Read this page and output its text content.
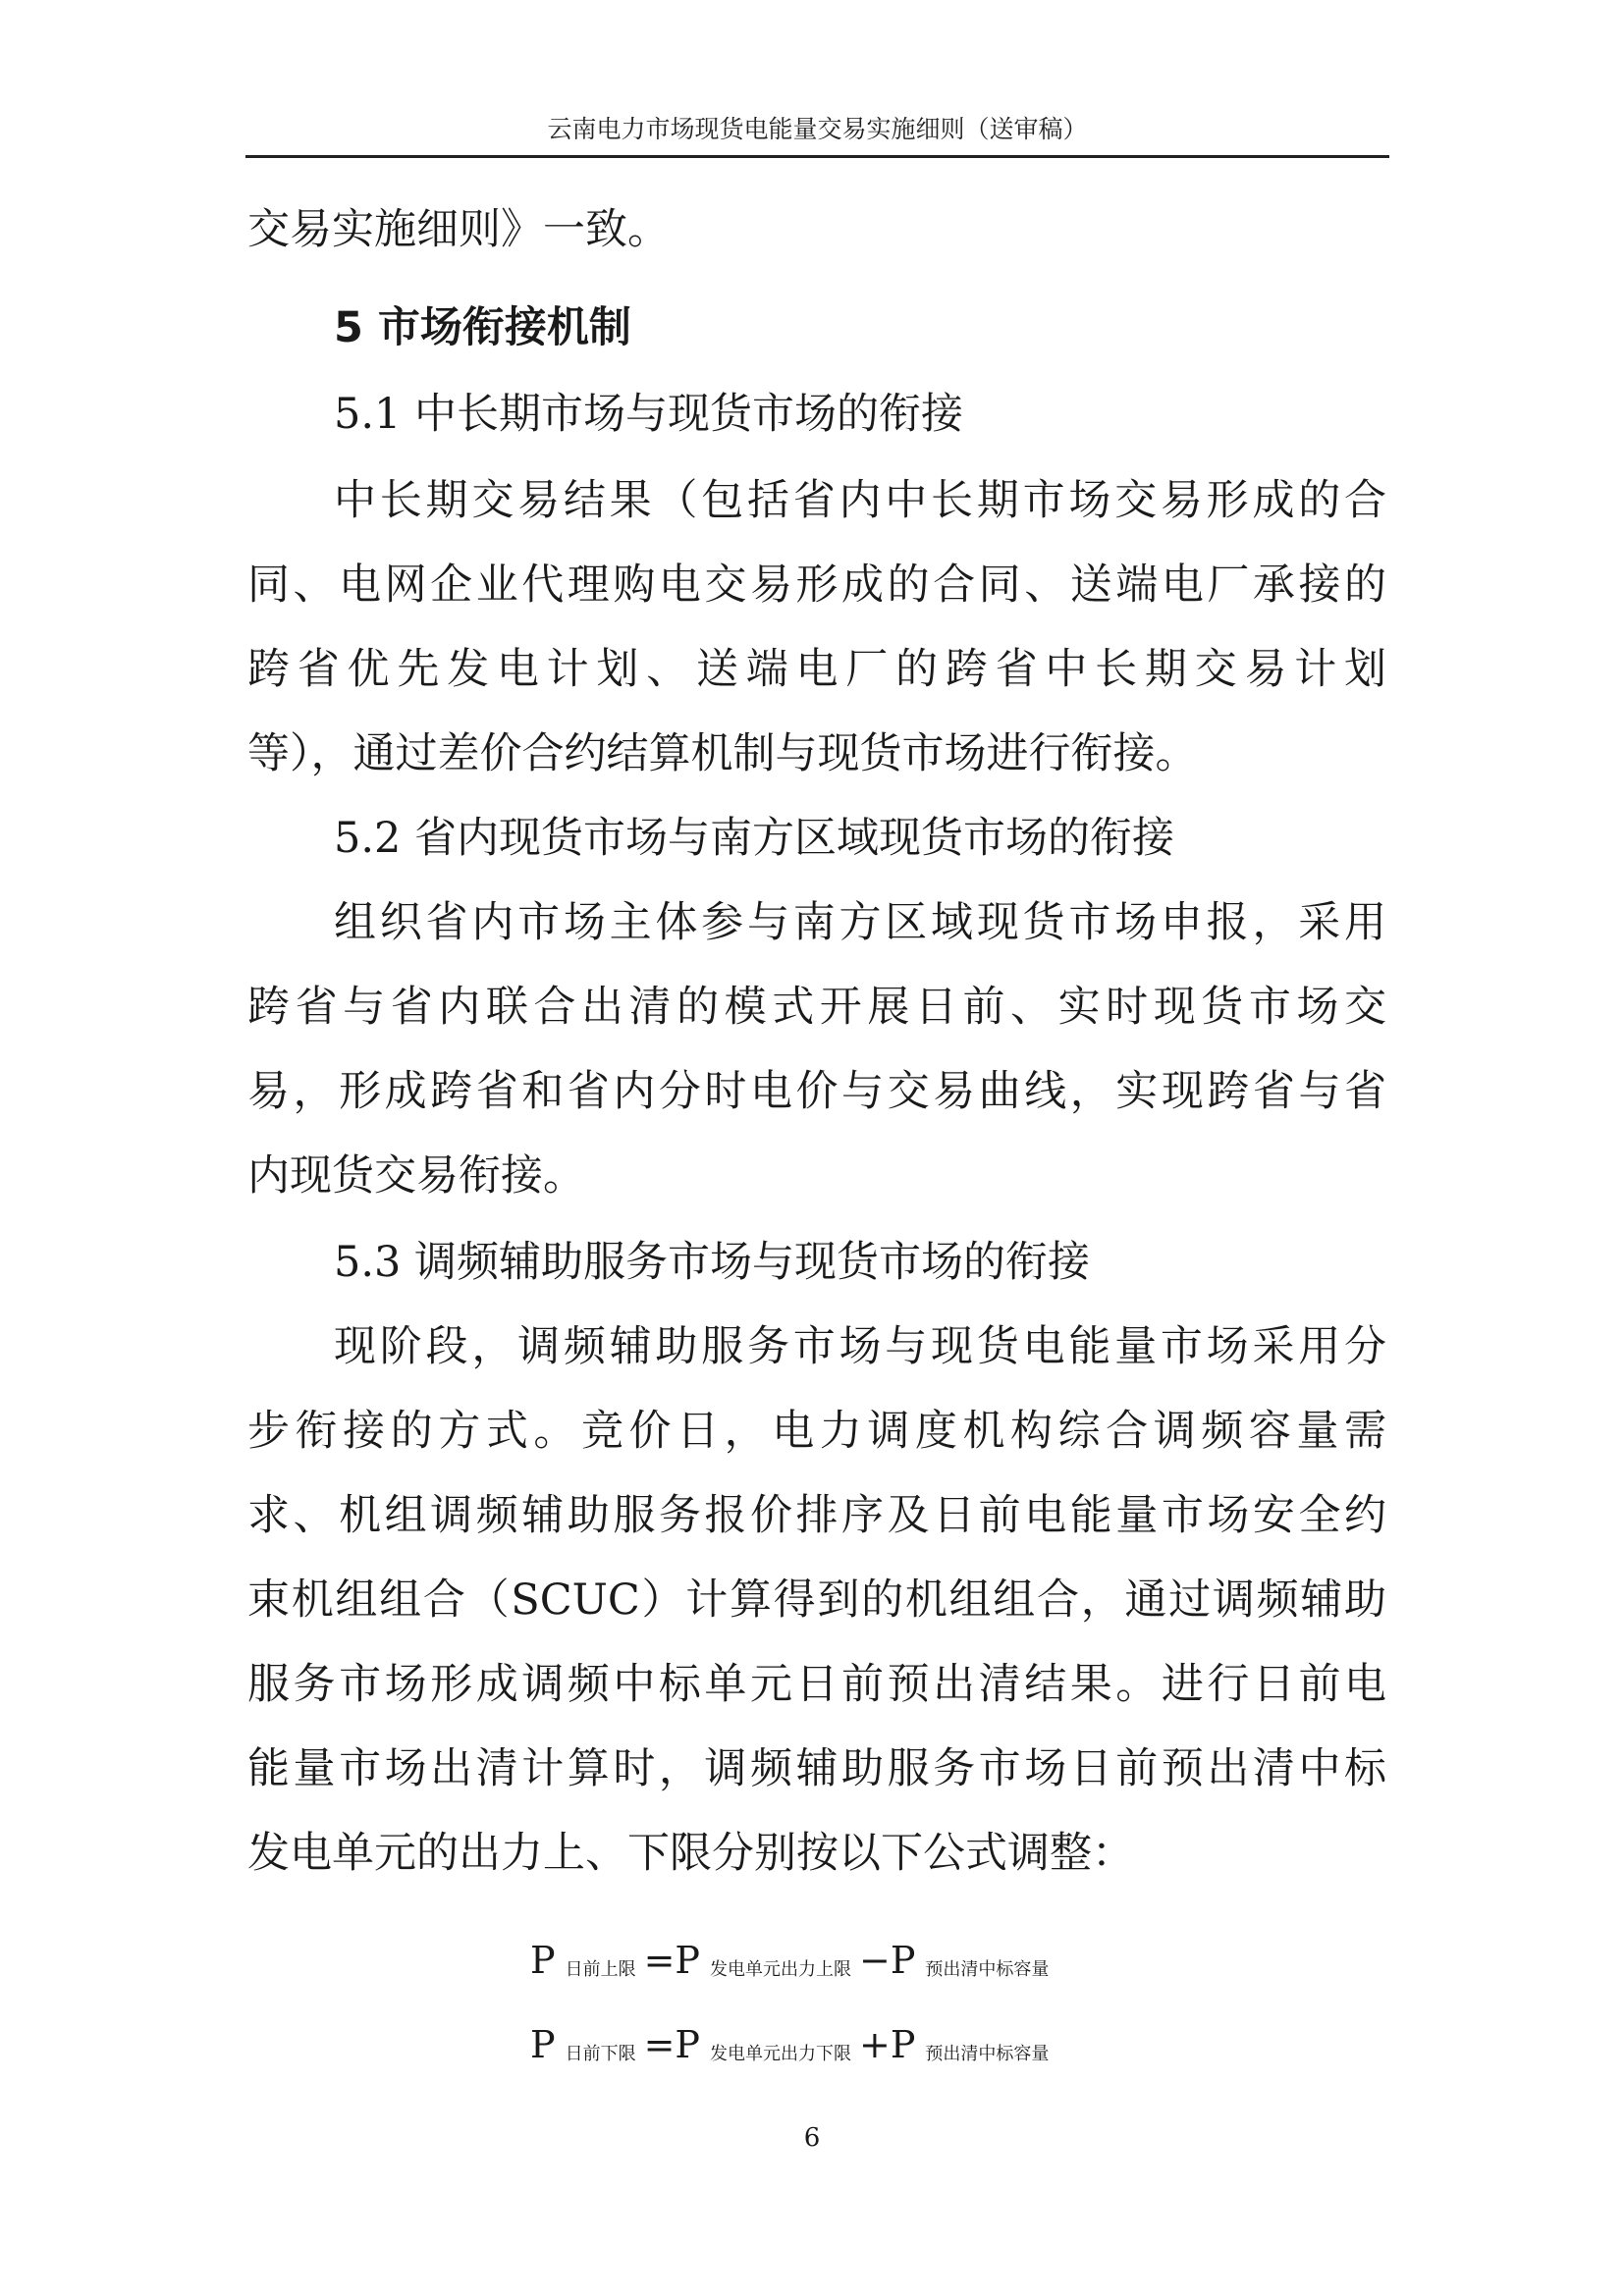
云南电力市场现货电能量交易实施细则（送审稿）
交易实施细则》一致。
5 市场衔接机制
5.1 中长期市场与现货市场的衔接
中长期交易结果（包括省内中长期市场交易形成的合
同、电网企业代理购电交易形成的合同、送端电厂承接的
跨省优先发电计划、送端电厂的跨省中长期交易计划
等），通过差价合约结算机制与现货市场进行衔接。
5.2 省内现货市场与南方区域现货市场的衔接
组织省内市场主体参与南方区域现货市场申报，采用
跨省与省内联合出清的模式开展日前、实时现货市场交
易，形成跨省和省内分时电价与交易曲线，实现跨省与省
内现货交易衔接。
5.3 调频辅助服务市场与现货市场的衔接
现阶段，调频辅助服务市场与现货电能量市场采用分
步衔接的方式。竞价日，电力调度机构综合调频容量需
求、机组调频辅助服务报价排序及日前电能量市场安全约
束机组组合（SCUC）计算得到的机组组合，通过调频辅助
服务市场形成调频中标单元日前预出清结果。进行日前电
能量市场出清计算时，调频辅助服务市场日前预出清中标
发电单元的出力上、下限分别按以下公式调整：
P日前上限 =P 发电单元出力上限 −P 预出清中标容量
P日前下限 =P 发电单元出力下限 +P 预出清中标容量
6
